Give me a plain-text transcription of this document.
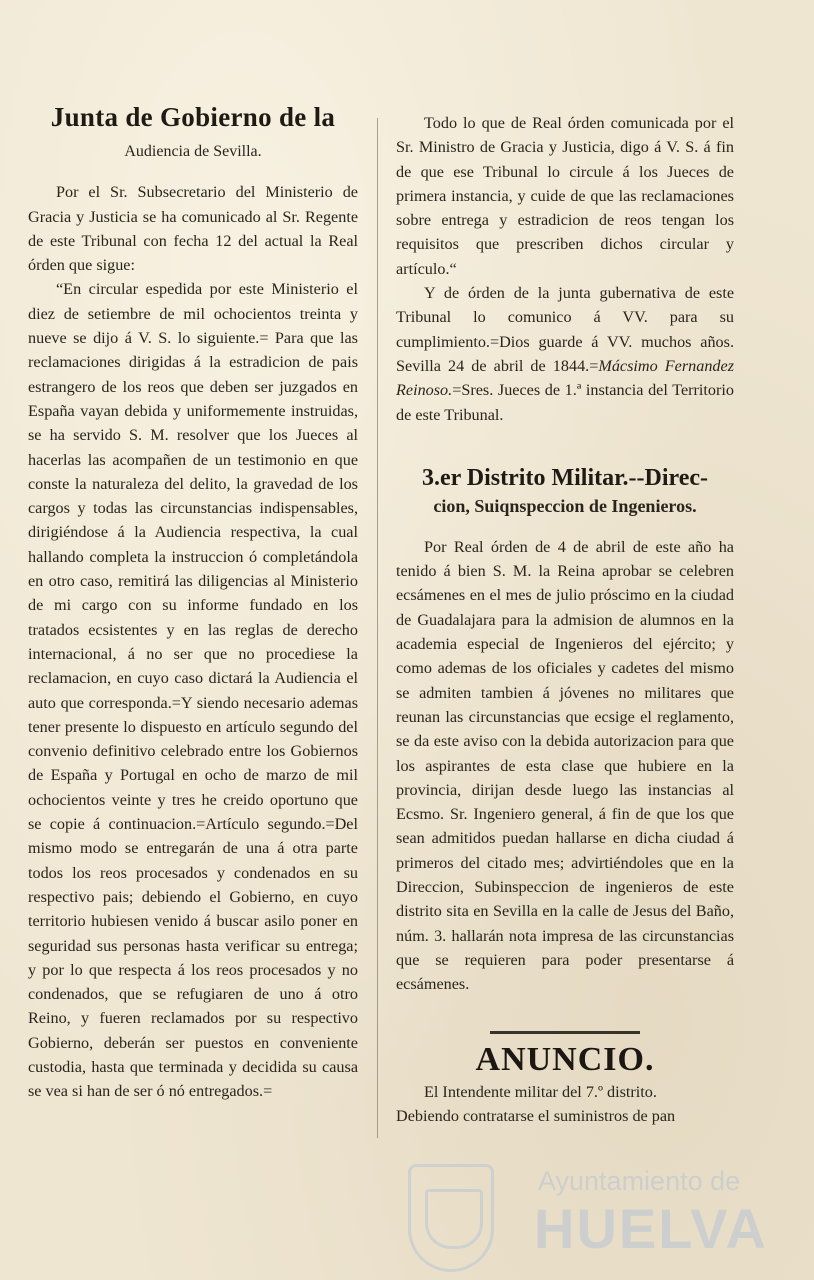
Junta de Gobierno de la
Audiencia de Sevilla.

Por el Sr. Subsecretario del Ministerio de Gracia y Justicia se ha comunicado al Sr. Regente de este Tribunal con fecha 12 del actual la Real órden que sigue:

“En circular espedida por este Ministerio el diez de setiembre de mil ochocientos treinta y nueve se dijo á V. S. lo siguiente.= Para que las reclamaciones dirigidas á la estradicion de pais estrangero de los reos que deben ser juzgados en España vayan debida y uniformemente instruidas, se ha servido S. M. resolver que los Jueces al hacerlas las acompañen de un testimonio en que conste la naturaleza del delito, la gravedad de los cargos y todas las circunstancias indispensables, dirigiéndose á la Audiencia respectiva, la cual hallando completa la instruccion ó completándola en otro caso, remitirá las diligencias al Ministerio de mi cargo con su informe fundado en los tratados ecsistentes y en las reglas de derecho internacional, á no ser que no procediese la reclamacion, en cuyo caso dictará la Audiencia el auto que corresponda.=Y siendo necesario ademas tener presente lo dispuesto en artículo segundo del convenio definitivo celebrado entre los Gobiernos de España y Portugal en ocho de marzo de mil ochocientos veinte y tres he creido oportuno que se copie á continuacion.=Artículo segundo.=Del mismo modo se entregarán de una á otra parte todos los reos procesados y condenados en su respectivo pais; debiendo el Gobierno, en cuyo territorio hubiesen venido á buscar asilo poner en seguridad sus personas hasta verificar su entrega; y por lo que respecta á los reos procesados y no condenados, que se refugiaren de uno á otro Reino, y fueren reclamados por su respectivo Gobierno, deberán ser puestos en conveniente custodia, hasta que terminada y decidida su causa se vea si han de ser ó nó entregados.=

Todo lo que de Real órden comunicada por el Sr. Ministro de Gracia y Justicia, digo á V. S. á fin de que ese Tribunal lo circule á los Jueces de primera instancia, y cuide de que las reclamaciones sobre entrega y estradicion de reos tengan los requisitos que prescriben dichos circular y artículo.“

Y de órden de la junta gubernativa de este Tribunal lo comunico á VV. para su cumplimiento.=Dios guarde á VV. muchos años. Sevilla 24 de abril de 1844.=Mácsimo Fernandez Reinoso.=Sres. Jueces de 1.ª instancia del Territorio de este Tribunal.

3.er Distrito Militar.--Direc-
cion, Suiqnspeccion de Ingenieros.

Por Real órden de 4 de abril de este año ha tenido á bien S. M. la Reina aprobar se celebren ecsámenes en el mes de julio próscimo en la ciudad de Guadalajara para la admision de alumnos en la academia especial de Ingenieros del ejército; y como ademas de los oficiales y cadetes del mismo se admiten tambien á jóvenes no militares que reunan las circunstancias que ecsige el reglamento, se da este aviso con la debida autorizacion para que los aspirantes de esta clase que hubiere en la provincia, dirijan desde luego las instancias al Ecsmo. Sr. Ingeniero general, á fin de que los que sean admitidos puedan hallarse en dicha ciudad á primeros del citado mes; advirtiéndoles que en la Direccion, Subinspeccion de ingenieros de este distrito sita en Sevilla en la calle de Jesus del Baño, núm. 3. hallarán nota impresa de las circunstancias que se requieren para poder presentarse á ecsámenes.

ANUNCIO.

El Intendente militar del 7.º distrito.

Debiendo contratarse el suministros de pan

Ayuntamiento de
HUELVA
